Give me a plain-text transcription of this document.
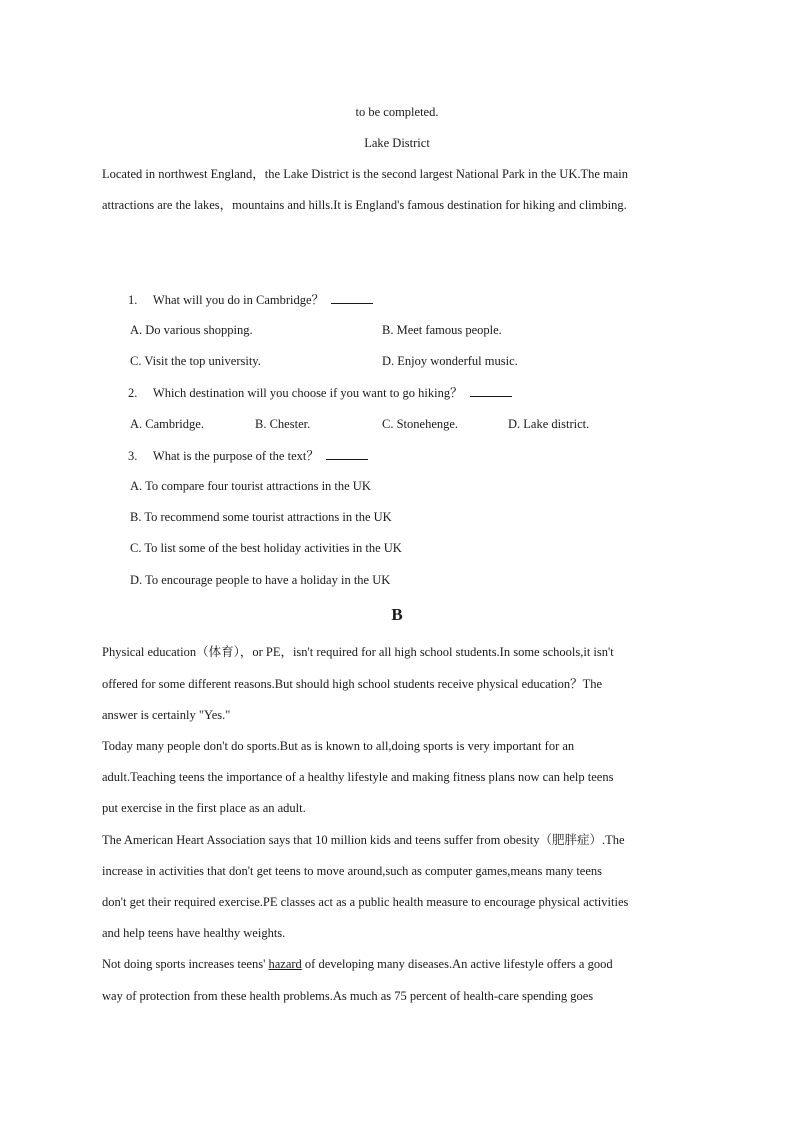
to be completed.
Lake District
Located in northwest England，the Lake District is the second largest National Park in the UK.The main
attractions are the lakes，mountains and hills.It is England's famous destination for hiking and climbing.
1. What will you do in Cambridge？
A. Do various shopping.	B. Meet famous people.
C. Visit the top university.	D. Enjoy wonderful music.
2. Which destination will you choose if you want to go hiking？
A. Cambridge.	B. Chester.	C. Stonehenge.	D. Lake district.
3. What is the purpose of the text？
A. To compare four tourist attractions in the UK
B. To recommend some tourist attractions in the UK
C. To list some of the best holiday activities in the UK
D. To encourage people to have a holiday in the UK
B
Physical education（体育），or PE，isn't required for all high school students.In some schools,it isn't
offered for some different reasons.But should high school students receive physical education？The
answer is certainly "Yes."
Today many people don't do sports.But as is known to all,doing sports is very important for an
adult.Teaching teens the importance of a healthy lifestyle and making fitness plans now can help teens
put exercise in the first place as an adult.
The American Heart Association says that 10 million kids and teens suffer from obesity（肥胖症）.The
increase in activities that don't get teens to move around,such as computer games,means many teens
don't get their required exercise.PE classes act as a public health measure to encourage physical activities
and help teens have healthy weights.
Not doing sports increases teens' hazard of developing many diseases.An active lifestyle offers a good
way of protection from these health problems.As much as 75 percent of health-care spending goes
